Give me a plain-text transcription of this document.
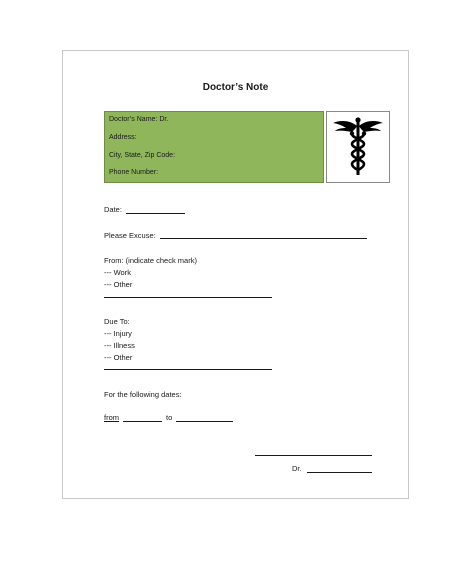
Doctor’s Note
Doctor’s Name: Dr.
Address:
City, State, Zip Code:
Phone Number:
Date:
Please Excuse:
From: (indicate check mark)
--- Work
--- Other
Due To:
--- Injury
--- Illness
--- Other
For the following dates:
from	to
Dr.
